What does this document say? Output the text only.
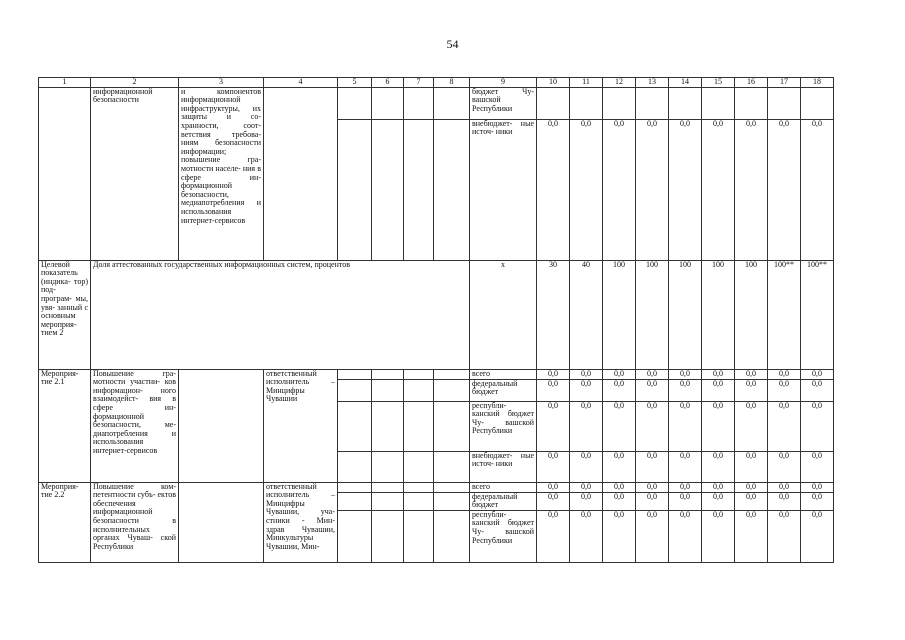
54
1	2	3	4	5	6	7	8	9	10	11	12	13	14	15	16	17	18
	информационной безопасности	и компонентов информационной инфраструктуры, их защиты и со- хранности, соот- ветствия требова- ниям безопасности информации; повышение гра- мотности населе- ния в сфере ин- формационной безопасности, медиапотребления и использования интернет-сервисов						бюджет Чу- вашской Республики									
								внебюджет- ные источ- ники	0,0	0,0	0,0	0,0	0,0	0,0	0,0	0,0	0,0
Целевой показатель (индика- тор) под- програм- мы, увя- занный с основным мероприя- тием 2	Доля аттестованных государственных информационных систем, процентов							х	30	40	100	100	100	100	100	100**	100**
Мероприя- тие 2.1	Повышение гра- мотности участни- ков информацион- ного взаимодейст- вия в сфере ин- формационной безопасности, ме- диапотребления и использования интернет-сервисов		ответственный исполнитель – Минцифры Чувашии					всего	0,0	0,0	0,0	0,0	0,0	0,0	0,0	0,0	0,0
								федеральный бюджет	0,0	0,0	0,0	0,0	0,0	0,0	0,0	0,0	0,0
								республи- канский бюджет Чу- вашской Республики	0,0	0,0	0,0	0,0	0,0	0,0	0,0	0,0	0,0
								внебюджет- ные источ- ники	0,0	0,0	0,0	0,0	0,0	0,0	0,0	0,0	0,0
Мероприя- тие 2.2	Повышение ком- петентности субъ- ектов обеспечения информационной безопасности в исполнительных органах Чуваш- ской Республики		ответственный исполнитель – Минцифры Чувашии, уча- стники - Мин- здрав Чувашии, Минкультуры Чувашии, Мин-					всего	0,0	0,0	0,0	0,0	0,0	0,0	0,0	0,0	0,0
								федеральный бюджет	0,0	0,0	0,0	0,0	0,0	0,0	0,0	0,0	0,0
								республи- канский бюджет Чу- вашской Республики	0,0	0,0	0,0	0,0	0,0	0,0	0,0	0,0	0,0
